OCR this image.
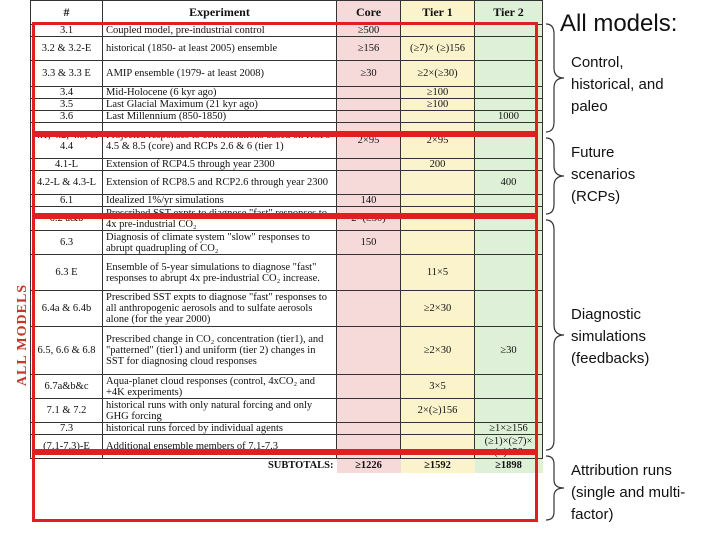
ALL MODELS
#	Experiment	Core	Tier 1	Tier 2
3.1	Coupled model, pre-industrial control	≥500		
3.2 & 3.2-E	historical (1850- at least 2005) ensemble	≥156	(≥7)× (≥)156	
3.3 & 3.3 E	AMIP ensemble (1979- at least 2008)	≥30	≥2×(≥30)	
3.4	Mid-Holocene (6 kyr ago)		≥100	
3.5	Last Glacial Maximum (21 kyr ago)		≥100	
3.6	Last Millennium (850-1850)			1000
4.1, 4.2, 4.3, & 4.4	Projected responses to concentrations based on RCPs 4.5 & 8.5 (core) and RCPs 2.6 & 6 (tier 1)	2×95	2×95	
4.1-L	Extension of RCP4.5 through year 2300		200	
4.2-L & 4.3-L	Extension of RCP8.5 and RCP2.6 through year 2300			400
6.1	Idealized 1%/yr simulations	140		
6.2 a&b	Prescribed SST expts to diagnose "fast" responses to 4x pre-industrial CO₂	2×(≥30)		
6.3	Diagnosis of climate system "slow" responses to abrupt quadrupling of CO₂	150		
6.3 E	Ensemble of 5-year simulations to diagnose "fast" responses to abrupt 4x pre-industrial CO₂ increase.		11×5	
6.4a & 6.4b	Prescribed SST expts to diagnose "fast" responses to all anthropogenic aerosols and to sulfate aerosols alone (for the year 2000)		≥2×30	
6.5, 6.6 & 6.8	Prescribed change in CO₂ concentration (tier1), and "patterned" (tier1) and uniform (tier 2) changes in SST for diagnosing cloud responses		≥2×30	≥30
6.7a&b&c	Aqua-planet cloud responses (control, 4xCO₂ and +4K experiments)		3×5	
7.1 & 7.2	historical runs with only natural forcing and only GHG forcing		2×(≥)156	
7.3	historical runs forced by individual agents			≥1×≥156
(7.1-7.3)-E	Additional ensemble members of 7.1-7.3			(≥1)×(≥7)× (≥)156
	SUBTOTALS:	≥1226	≥1592	≥1898
All models:
Control, historical, and paleo
Future scenarios (RCPs)
Diagnostic simulations (feedbacks)
Attribution runs (single and multi-factor)
